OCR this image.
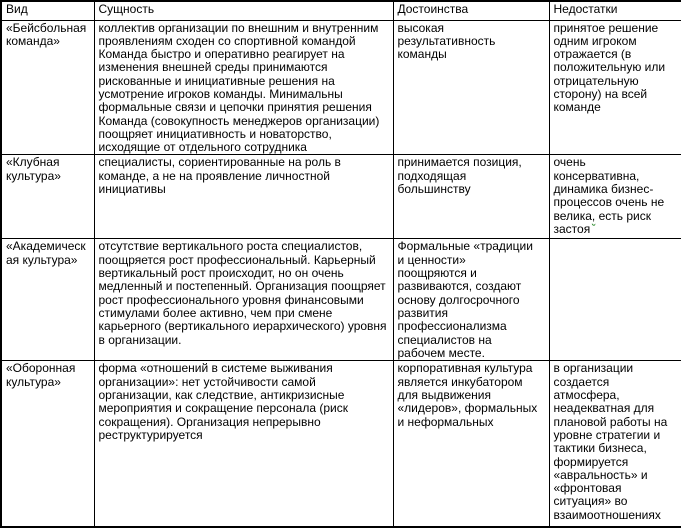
Вид	Сущность	Достоинства	Недостатки
«Бейсбольная команда»	коллектив организации по внешним и внутренним проявлениям сходен со спортивной командой Команда быстро и оперативно реагирует на изменения внешней среды принимаются рискованные и инициативные решения на усмотрение игроков команды. Минимальны формальные связи и цепочки принятия решения Команда (совокупность менеджеров организации) поощряет инициативность и новаторство, исходящие от отдельного сотрудника	высокая результативность команды	принятое решение одним игроком отражается (в положительную или отрицательную сторону) на всей команде
«Клубная культура»	специалисты, сориентированные на роль в команде, а не на проявление личностной инициативы	принимается позиция, подходящая большинству	очень консервативна, динамика бизнес-процессов очень не велика, есть риск застоя
«Академическая культура»	отсутствие вертикального роста специалистов, поощряется рост профессиональный. Карьерный вертикальный рост происходит, но он очень медленный и постепенный. Организация поощряет рост профессионального уровня финансовыми стимулами более активно, чем при смене карьерного (вертикального иерархического) уровня в организации.	Формальные «традиции и ценности» поощряются и развиваются, создают основу долгосрочного развития профессионализма специалистов на рабочем месте.	
«Оборонная культура»	форма «отношений в системе выживания организации»: нет устойчивости самой организации, как следствие, антикризисные мероприятия и сокращение персонала (риск сокращения). Организация непрерывно реструктурируется	корпоративная культура является инкубатором для выдвижения «лидеров», формальных и неформальных	в организации создается атмосфера, неадекватная для плановой работы на уровне стратегии и тактики бизнеса, формируется «авральность» и «фронтовая ситуация» во взаимоотношениях
